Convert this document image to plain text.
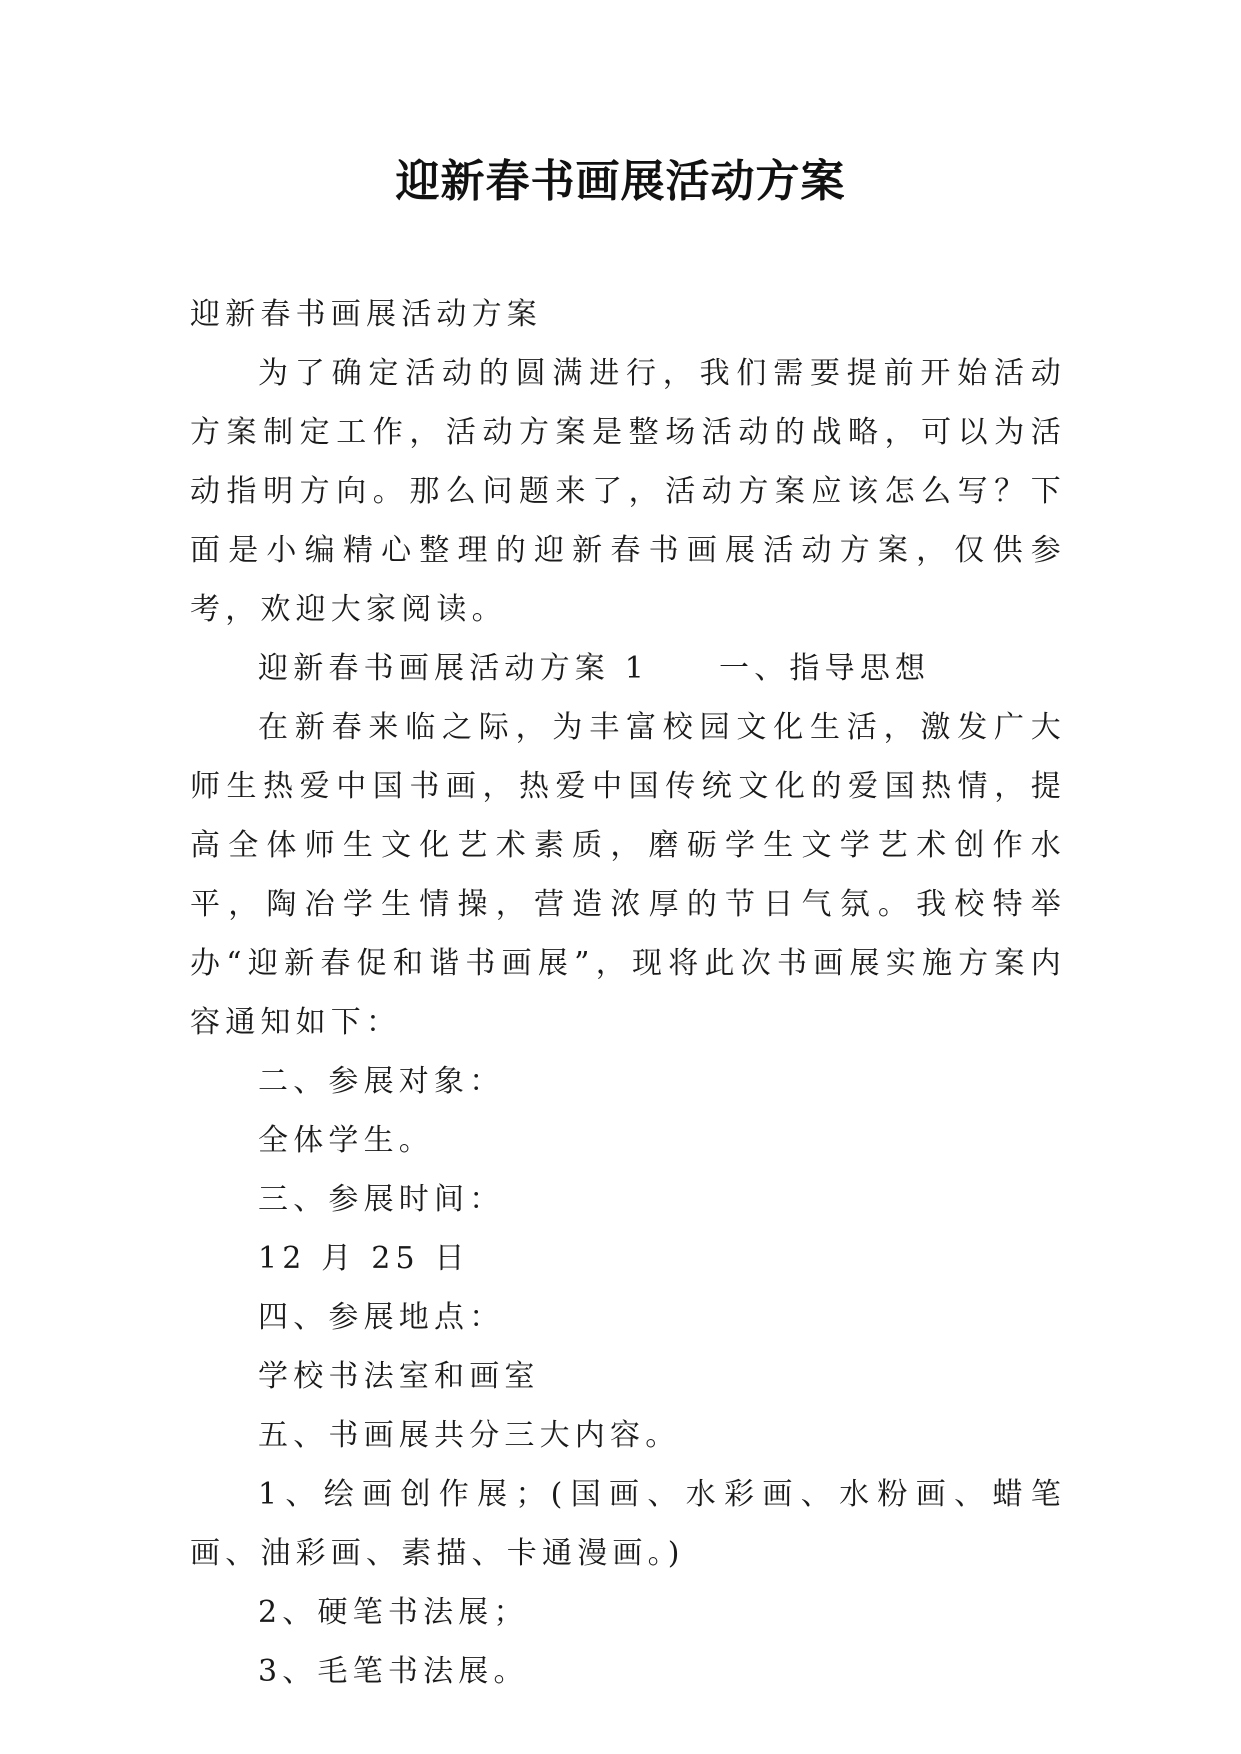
迎新春书画展活动方案

迎新春书画展活动方案

为了确定活动的圆满进行，我们需要提前开始活动方案制定工作，活动方案是整场活动的战略，可以为活动指明方向。那么问题来了，活动方案应该怎么写？下面是小编精心整理的迎新春书画展活动方案，仅供参考，欢迎大家阅读。

迎新春书画展活动方案 1 一、指导思想

在新春来临之际，为丰富校园文化生活，激发广大师生热爱中国书画，热爱中国传统文化的爱国热情，提高全体师生文化艺术素质，磨砺学生文学艺术创作水平，陶冶学生情操，营造浓厚的节日气氛。我校特举办“迎新春促和谐书画展”，现将此次书画展实施方案内容通知如下：

二、参展对象：

全体学生。

三、参展时间：

12 月 25 日

四、参展地点：

学校书法室和画室

五、书画展共分三大内容。

1、绘画创作展；(国画、水彩画、水粉画、蜡笔画、油彩画、素描、卡通漫画。)

2、硬笔书法展；

3、毛笔书法展。
